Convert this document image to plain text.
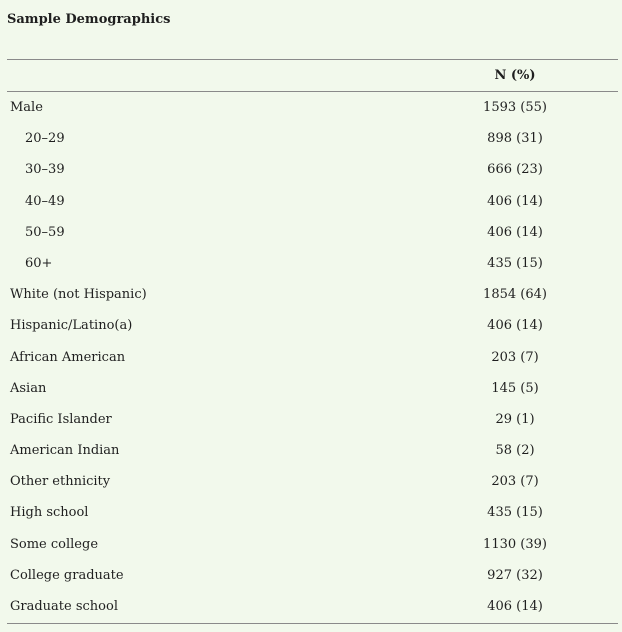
Sample Demographics
N (%)
Male	1593 (55)
20–29	898 (31)
30–39	666 (23)
40–49	406 (14)
50–59	406 (14)
60+	435 (15)
White (not Hispanic)	1854 (64)
Hispanic/Latino(a)	406 (14)
African American	203 (7)
Asian	145 (5)
Pacific Islander	29 (1)
American Indian	58 (2)
Other ethnicity	203 (7)
High school	435 (15)
Some college	1130 (39)
College graduate	927 (32)
Graduate school	406 (14)
